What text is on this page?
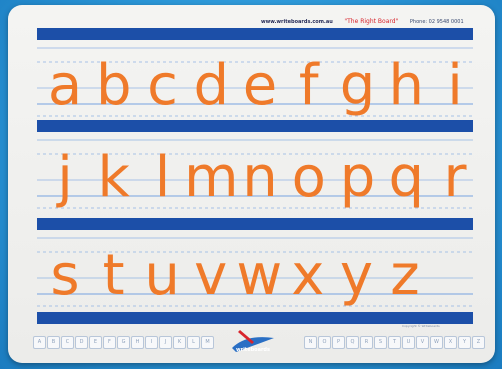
www.writeboards.com.au "The Right Board" Phone: 02 9548 0001
a b c d e f g h i
j k l m n o p q r
s t u v w x y z
Copyright © Writeboards
A	B	C	D	E	F	G	H	I	J	K	L	M	N	O	P	Q	R	S	T	U	V	W	X	Y	Z
writeboards
